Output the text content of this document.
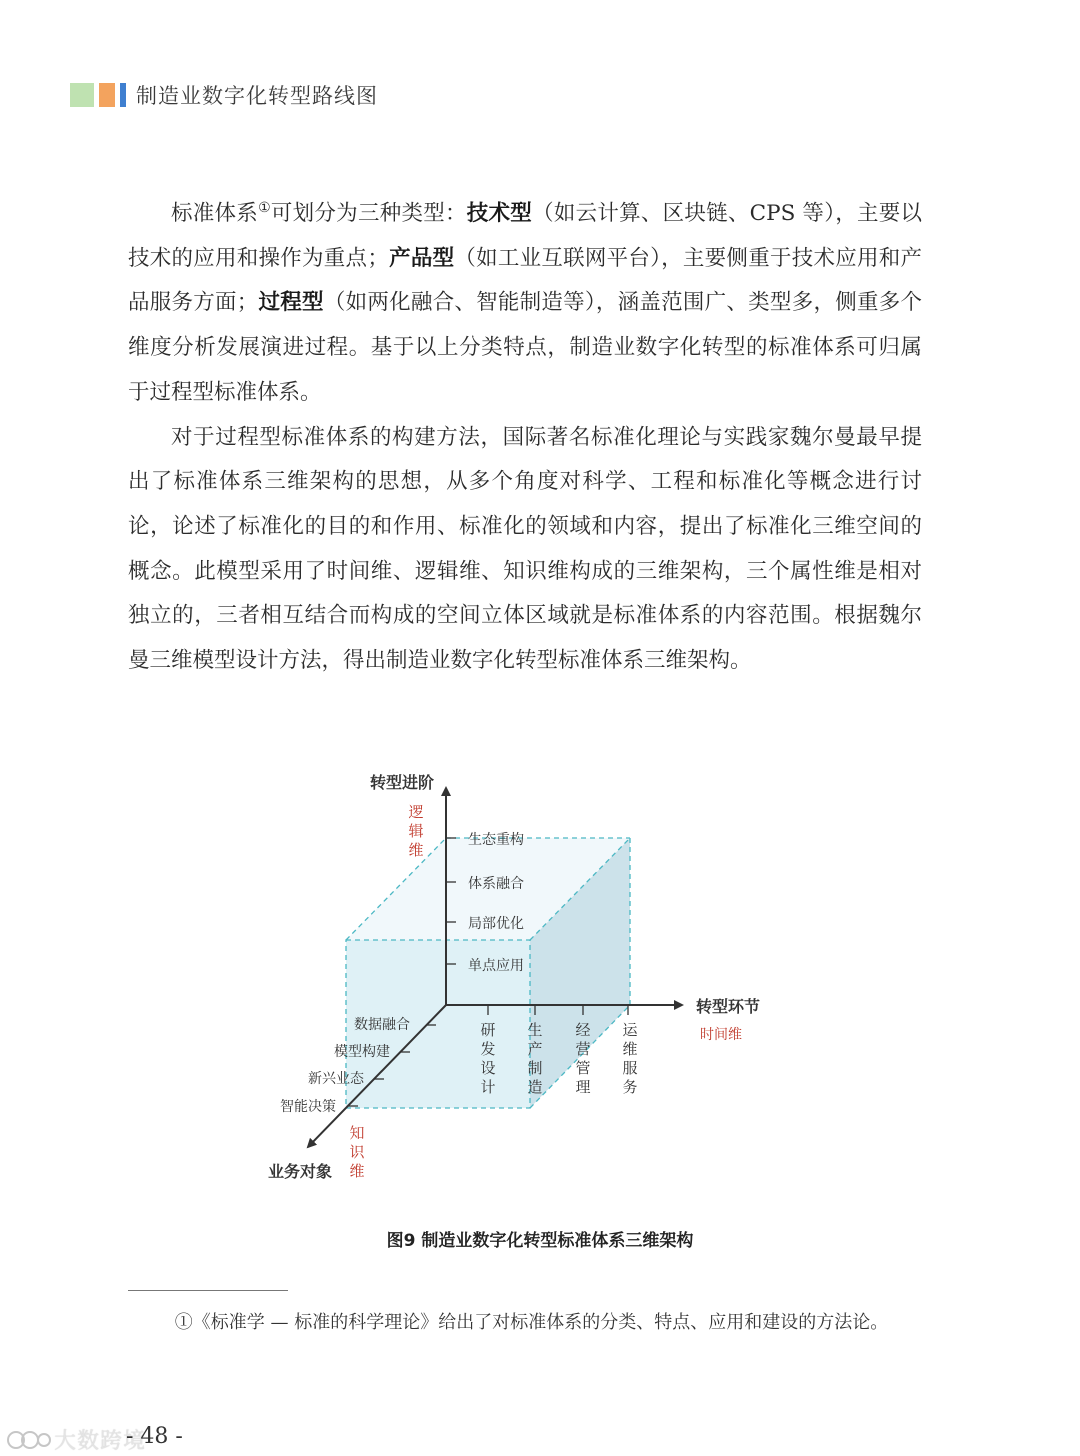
制造业数字化转型路线图

标准体系①可划分为三种类型：技术型（如云计算、区块链、CPS 等），主要以技术的应用和操作为重点；产品型（如工业互联网平台），主要侧重于技术应用和产品服务方面；过程型（如两化融合、智能制造等），涵盖范围广、类型多，侧重多个维度分析发展演进过程。基于以上分类特点，制造业数字化转型的标准体系可归属于过程型标准体系。

对于过程型标准体系的构建方法，国际著名标准化理论与实践家魏尔曼最早提出了标准体系三维架构的思想，从多个角度对科学、工程和标准化等概念进行讨论，论述了标准化的目的和作用、标准化的领域和内容，提出了标准化三维空间的概念。此模型采用了时间维、逻辑维、知识维构成的三维架构，三个属性维是相对独立的，三者相互结合而构成的空间立体区域就是标准体系的内容范围。根据魏尔曼三维模型设计方法，得出制造业数字化转型标准体系三维架构。

转型进阶
逻
辑
维
生态重构
体系融合
局部优化
单点应用
转型环节
时间维
研
发
设
计
生
产
制
造
经
营
管
理
运
维
服
务
数据融合
模型构建
新兴业态
智能决策
业务对象
知
识
维
图9 制造业数字化转型标准体系三维架构

①《标准学 — 标准的科学理论》给出了对标准体系的分类、特点、应用和建设的方法论。

大数跨境
- 48 -
